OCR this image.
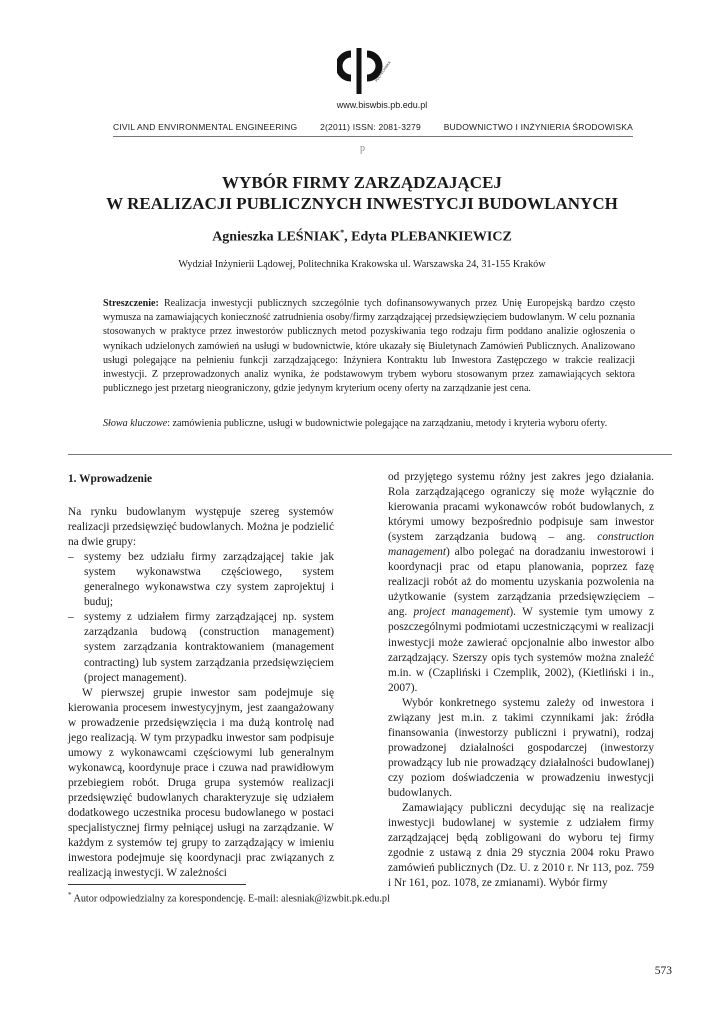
POLITECHNIKA
www.biswbis.pb.edu.pl
CIVIL AND ENVIRONMENTAL ENGINEERING	2(2011) ISSN: 2081-3279	BUDOWNICTWO I INŻYNIERIA ŚRODOWISKA
p
WYBÓR FIRMY ZARZĄDZAJĄCEJ
W REALIZACJI PUBLICZNYCH INWESTYCJI BUDOWLANYCH
Agnieszka LEŚNIAK*, Edyta PLEBANKIEWICZ
Wydział Inżynierii Lądowej, Politechnika Krakowska ul. Warszawska 24, 31-155 Kraków
Streszczenie: Realizacja inwestycji publicznych szczególnie tych dofinansowywanych przez Unię Europejską bardzo często wymusza na zamawiających konieczność zatrudnienia osoby/firmy zarządzającej przedsięwzięciem budowlanym. W celu poznania stosowanych w praktyce przez inwestorów publicznych metod pozyskiwania tego rodzaju firm poddano analizie ogłoszenia o wynikach udzielonych zamówień na usługi w budownictwie, które ukazały się Biuletynach Zamówień Publicznych. Analizowano usługi polegające na pełnieniu funkcji zarządzającego: Inżyniera Kontraktu lub Inwestora Zastępczego w trakcie realizacji inwestycji. Z przeprowadzonych analiz wynika, że podstawowym trybem wyboru stosowanym przez zamawiających sektora publicznego jest przetarg nieograniczony, gdzie jedynym kryterium oceny oferty na zarządzanie jest cena.
Słowa kluczowe: zamówienia publiczne, usługi w budownictwie polegające na zarządzaniu, metody i kryteria wyboru oferty.

1. Wprowadzenie

Na rynku budowlanym występuje szereg systemów realizacji przedsięwzięć budowlanych. Można je podzielić na dwie grupy:

– systemy bez udziału firmy zarządzającej takie jak system wykonawstwa częściowego, system generalnego wykonawstwa czy system zaprojektuj i buduj;
– systemy z udziałem firmy zarządzającej np. system zarządzania budową (construction management) system zarządzania kontraktowaniem (management contracting) lub system zarządzania przedsięwzięciem (project management).

W pierwszej grupie inwestor sam podejmuje się kierowania procesem inwestycyjnym, jest zaangażowany w prowadzenie przedsięwzięcia i ma dużą kontrolę nad jego realizacją. W tym przypadku inwestor sam podpisuje umowy z wykonawcami częściowymi lub generalnym wykonawcą, koordynuje prace i czuwa nad prawidłowym przebiegiem robót. Druga grupa systemów realizacji przedsięwzięć budowlanych charakteryzuje się udziałem dodatkowego uczestnika procesu budowlanego w postaci specjalistycznej firmy pełniącej usługi na zarządzanie. W każdym z systemów tej grupy to zarządzający w imieniu inwestora podejmuje się koordynacji prac związanych z realizacją inwestycji. W zależności

od przyjętego systemu różny jest zakres jego działania. Rola zarządzającego ograniczy się może wyłącznie do kierowania pracami wykonawców robót budowlanych, z którymi umowy bezpośrednio podpisuje sam inwestor (system zarządzania budową – ang. construction management) albo polegać na doradzaniu inwestorowi i koordynacji prac od etapu planowania, poprzez fazę realizacji robót aż do momentu uzyskania pozwolenia na użytkowanie (system zarządzania przedsięwzięciem – ang. project management). W systemie tym umowy z poszczególnymi podmiotami uczestniczącymi w realizacji inwestycji może zawierać opcjonalnie albo inwestor albo zarządzający. Szerszy opis tych systemów można znaleźć m.in. w (Czapliński i Czemplik, 2002), (Kietliński i in., 2007).

Wybór konkretnego systemu zależy od inwestora i związany jest m.in. z takimi czynnikami jak: źródła finansowania (inwestorzy publiczni i prywatni), rodzaj prowadzonej działalności gospodarczej (inwestorzy prowadzący lub nie prowadzący działalności budowlanej) czy poziom doświadczenia w prowadzeniu inwestycji budowlanych.

Zamawiający publiczni decydując się na realizacje inwestycji budowlanej w systemie z udziałem firmy zarządzającej będą zobligowani do wyboru tej firmy zgodnie z ustawą z dnia 29 stycznia 2004 roku Prawo zamówień publicznych (Dz. U. z 2010 r. Nr 113, poz. 759 i Nr 161, poz. 1078, ze zmianami). Wybór firmy

* Autor odpowiedzialny za korespondencję. E-mail: alesniak@izwbit.pk.edu.pl
573
